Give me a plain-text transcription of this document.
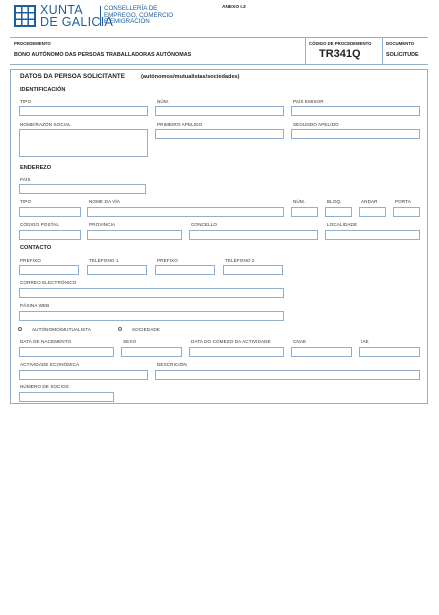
XUNTA
DE GALICIA
CONSELLERÍA DE
EMPREGO, COMERCIO
E EMIGRACIÓN
ANEXO I.3
PROCEDEMENTO
BONO AUTÓNOMO DAS PERSOAS TRABALLADORAS AUTÓNOMAS
CÓDIGO DE PROCEDEMENTO
TR341Q
DOCUMENTO
SOLICITUDE
DATOS DA PERSOA SOLICITANTE	(autónomos/mutualistas/sociedades)
IDENTIFICACIÓN
TIPO	NÚM.	PAÍS EMISOR
NOME/RAZÓN SOCIAL	PRIMEIRO APELIDO	SEGUNDO APELIDO
ENDEREZO
PAÍS
TIPO	NOME DA VÍA	NÚM.	BLOQ.	ANDAR	PORTA
CÓDIGO POSTAL	PROVINCIA	CONCELLO	LOCALIDADE
CONTACTO
PREFIXO	TELÉFONO 1	PREFIXO	TELÉFONO 2
CORREO ELECTRÓNICO
PÁXINA WEB
AUTÓNOMO/MUTUALISTA	SOCIEDADE
DATA DE NACEMENTO	SEXO	DATA DO COMEZO DA ACTIVIDADE	CNAE	IAE
ACTIVIDADE ECONÓMICA	DESCRICIÓN
NÚMERO DE SOCIOS
